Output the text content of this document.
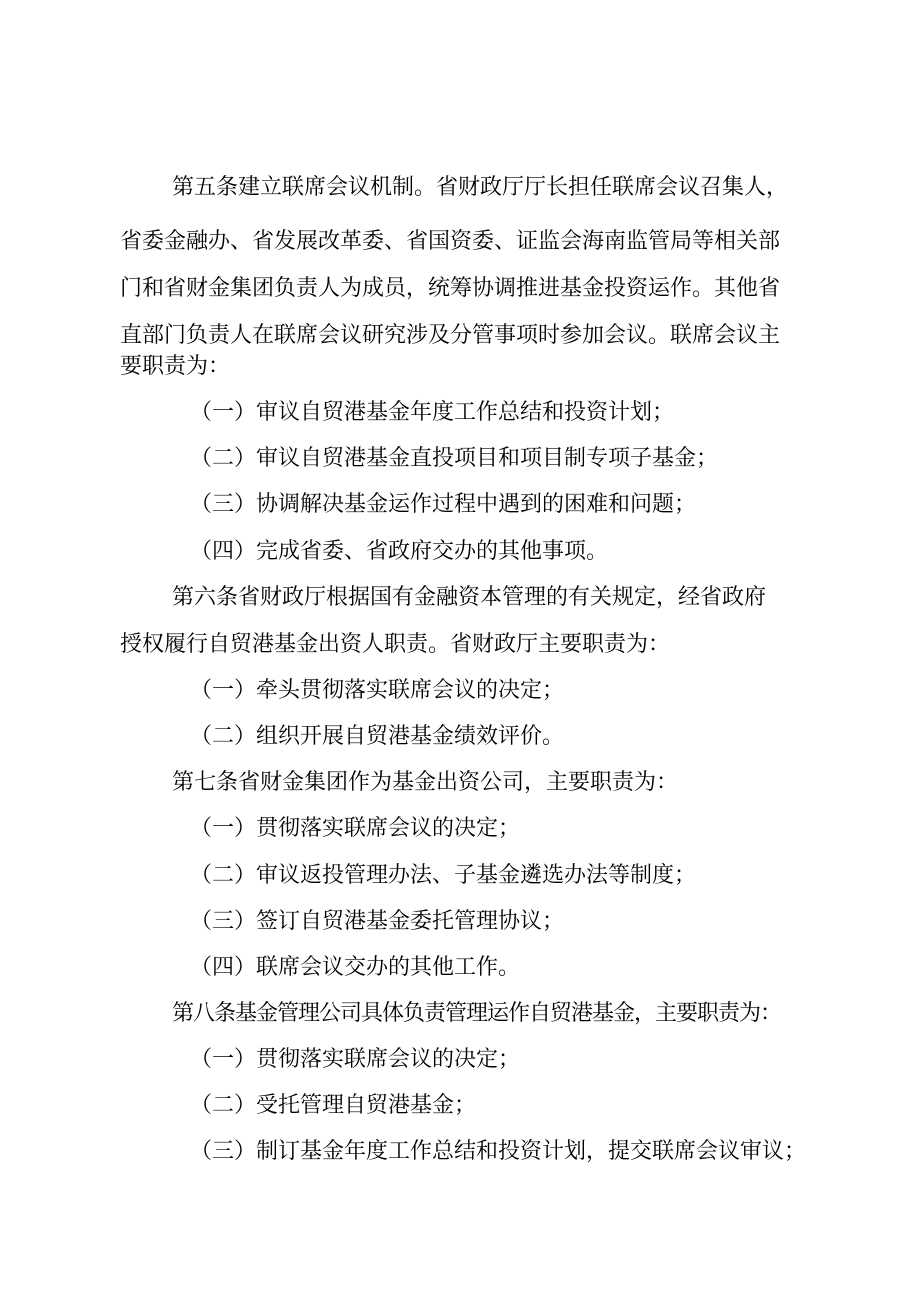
第五条建立联席会议机制。省财政厅厅长担任联席会议召集人，
省委金融办、省发展改革委、省国资委、证监会海南监管局等相关部
门和省财金集团负责人为成员，统筹协调推进基金投资运作。其他省
直部门负责人在联席会议研究涉及分管事项时参加会议。联席会议主
要职责为：
（一）审议自贸港基金年度工作总结和投资计划；
（二）审议自贸港基金直投项目和项目制专项子基金；
（三）协调解决基金运作过程中遇到的困难和问题；
（四）完成省委、省政府交办的其他事项。
第六条省财政厅根据国有金融资本管理的有关规定，经省政府
授权履行自贸港基金出资人职责。省财政厅主要职责为：
（一）牵头贯彻落实联席会议的决定；
（二）组织开展自贸港基金绩效评价。
第七条省财金集团作为基金出资公司，主要职责为：
（一）贯彻落实联席会议的决定；
（二）审议返投管理办法、子基金遴选办法等制度；
（三）签订自贸港基金委托管理协议；
（四）联席会议交办的其他工作。
第八条基金管理公司具体负责管理运作自贸港基金，主要职责为：
（一）贯彻落实联席会议的决定；
（二）受托管理自贸港基金；
（三）制订基金年度工作总结和投资计划，提交联席会议审议；
